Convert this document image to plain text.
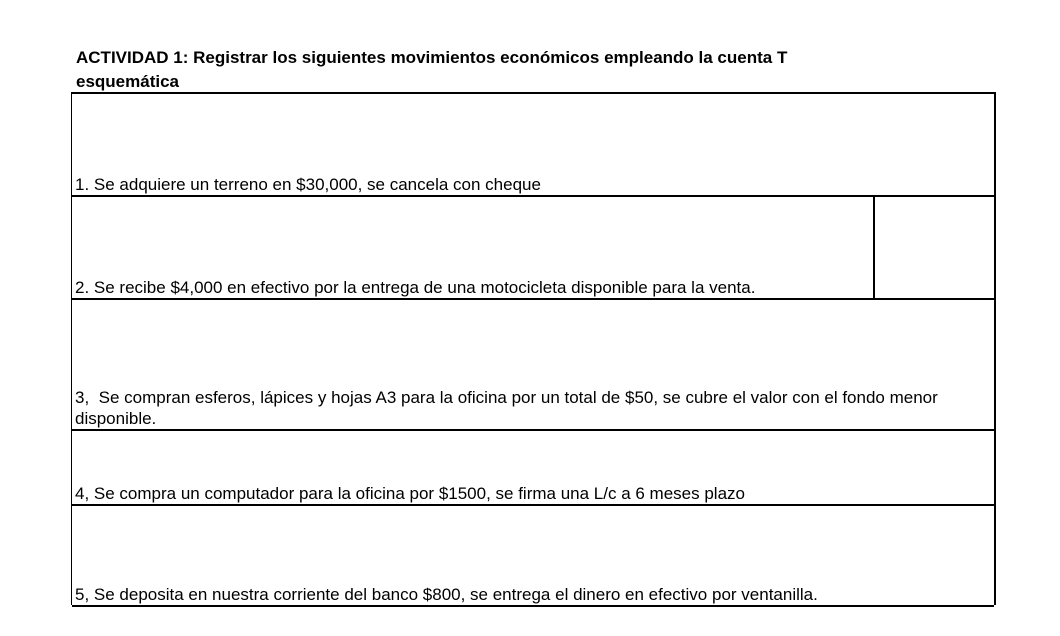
ACTIVIDAD 1: Registrar los siguientes movimientos económicos empleando la cuenta T
esquemática
1. Se adquiere un terreno en $30,000, se cancela con cheque
2. Se recibe $4,000 en efectivo por la entrega de una motocicleta disponible para la venta.
3,  Se compran esferos, lápices y hojas A3 para la oficina por un total de $50, se cubre el valor con el fondo menor disponible.
4, Se compra un computador para la oficina por $1500, se firma una L/c a 6 meses plazo
5, Se deposita en nuestra corriente del banco $800, se entrega el dinero en efectivo por ventanilla.
